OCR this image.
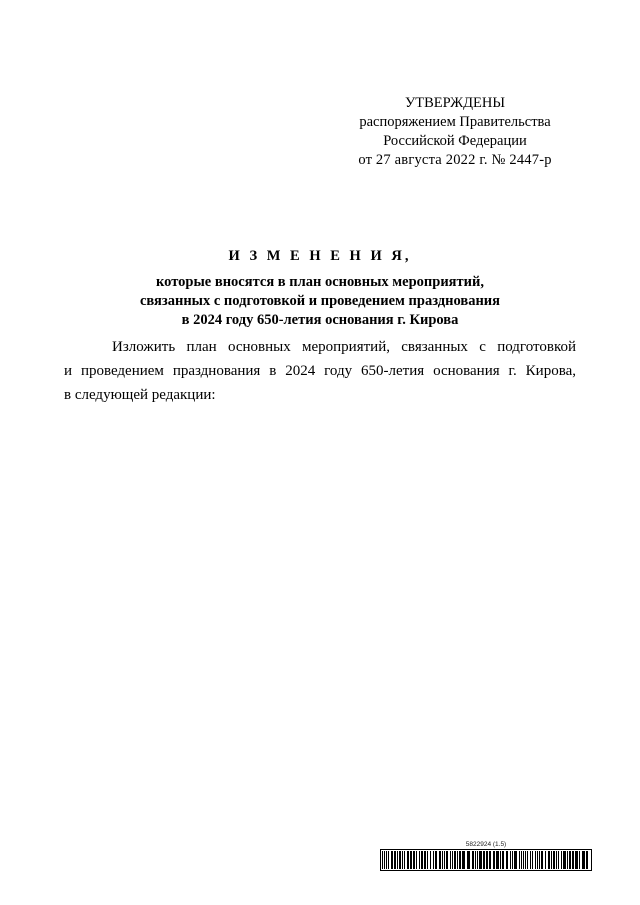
УТВЕРЖДЕНЫ
распоряжением Правительства
Российской Федерации
от 27 августа 2022 г. № 2447-р
И З М Е Н Е Н И Я,
которые вносятся в план основных мероприятий,
связанных с подготовкой и проведением празднования
в 2024 году 650-летия основания г. Кирова
Изложить план основных мероприятий, связанных с подготовкой
и проведением празднования в 2024 году 650-летия основания г. Кирова,
в следующей редакции:
5822924 (1.5)
